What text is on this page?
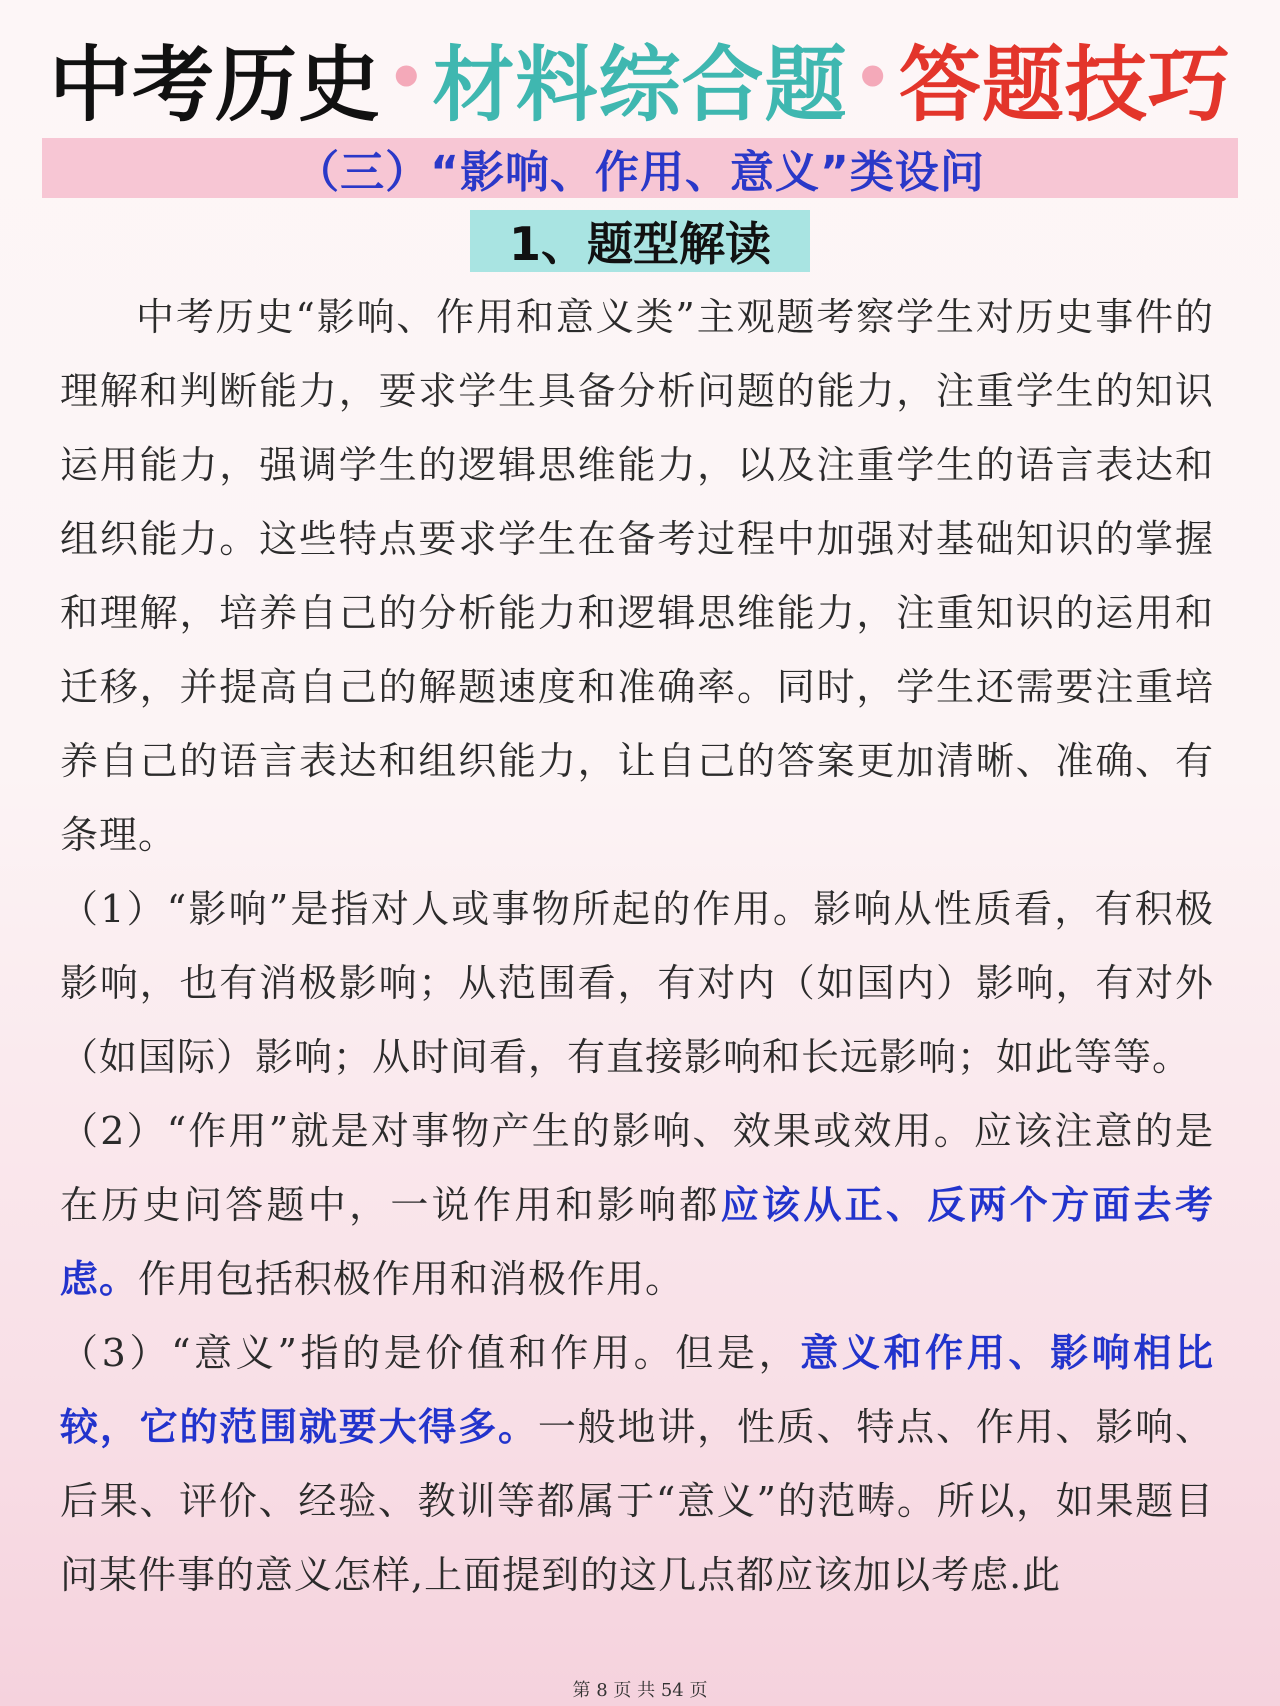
中考历史 • 材料综合题 • 答题技巧
（三）“影响、作用、意义”类设问
1、题型解读

中考历史“影响、作用和意义类”主观题考察学生对历史事件的理解和判断能力，要求学生具备分析问题的能力，注重学生的知识运用能力，强调学生的逻辑思维能力，以及注重学生的语言表达和组织能力。这些特点要求学生在备考过程中加强对基础知识的掌握和理解，培养自己的分析能力和逻辑思维能力，注重知识的运用和迁移，并提高自己的解题速度和准确率。同时，学生还需要注重培养自己的语言表达和组织能力，让自己的答案更加清晰、准确、有条理。

（1）“影响”是指对人或事物所起的作用。影响从性质看，有积极影响，也有消极影响；从范围看，有对内（如国内）影响，有对外（如国际）影响；从时间看，有直接影响和长远影响；如此等等。

（2）“作用”就是对事物产生的影响、效果或效用。应该注意的是在历史问答题中，一说作用和影响都应该从正、反两个方面去考虑。作用包括积极作用和消极作用。

（3）“意义”指的是价值和作用。但是，意义和作用、影响相比较，它的范围就要大得多。一般地讲，性质、特点、作用、影响、后果、评价、经验、教训等都属于“意义”的范畴。所以，如果题目问某件事的意义怎样,上面提到的这几点都应该加以考虑.此

第 8 页 共 54 页
